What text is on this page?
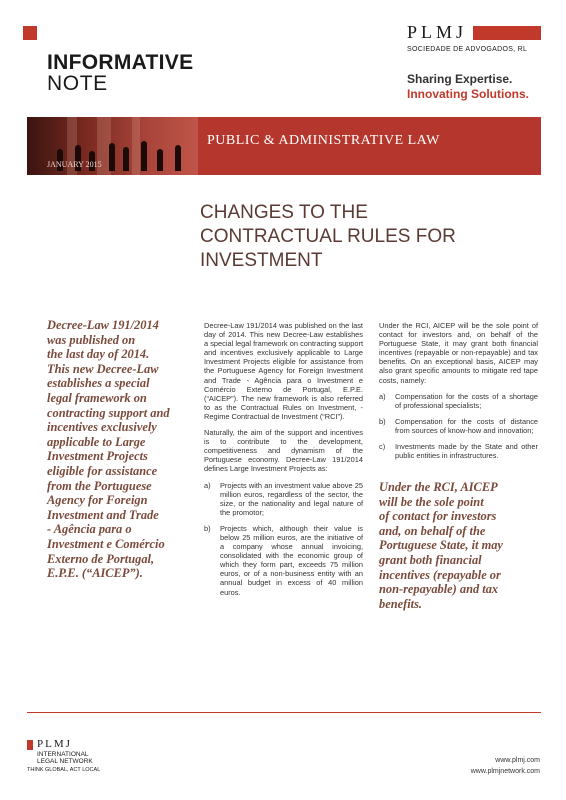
INFORMATIVE
NOTE
PLMJ
SOCIEDADE DE ADVOGADOS, RL
Sharing Expertise.
Innovating Solutions.
JANUARY 2015
PUBLIC & ADMINISTRATIVE LAW
CHANGES TO THE
CONTRACTUAL RULES FOR
INVESTMENT
Decree-Law 191/2014
was published on
the last day of 2014.
This new Decree-Law
establishes a special
legal framework on
contracting support and
incentives exclusively
applicable to Large
Investment Projects
eligible for assistance
from the Portuguese
Agency for Foreign
Investment and Trade
- Agência para o
Investment e Comércio
Externo de Portugal,
E.P.E. (“AICEP”).

Decree-Law 191/2014 was published on the last day of 2014. This new Decree-Law establishes a special legal framework on contracting support and incentives exclusively applicable to Large Investment Projects eligible for assistance from the Portuguese Agency for Foreign Investment and Trade - Agência para o Investment e Comércio Externo de Portugal, E.P.E. (“AICEP”). The new framework is also referred to as the Contractual Rules on Investment, - Regime Contractual de Investment (“RCI”).

Naturally, the aim of the support and incentives is to contribute to the development, competitiveness and dynamism of the Portuguese economy. Decree-Law 191/2014 defines Large Investment Projects as:

a)	Projects with an investment value above 25 million euros, regardless of the sector, the size, or the nationality and legal nature of the promotor;
b)	Projects which, although their value is below 25 million euros, are the initiative of a company whose annual invoicing, consolidated with the economic group of which they form part, exceeds 75 million euros, or of a non-business entity with an annual budget in excess of 40 million euros.

Under the RCI, AICEP will be the sole point of contact for investors and, on behalf of the Portuguese State, it may grant both financial incentives (repayable or non-repayable) and tax benefits. On an exceptional basis, AICEP may also grant specific amounts to mitigate red tape costs, namely:

a)	Compensation for the costs of a shortage of professional specialists;
b)	Compensation for the costs of distance from sources of know-how and innovation;
c)	Investments made by the State and other public entities in infrastructures.
Under the RCI, AICEP
will be the sole point
of contact for investors
and, on behalf of the
Portuguese State, it may
grant both financial
incentives (repayable or
non-repayable) and tax
benefits.
PLMJ
INTERNATIONAL
LEGAL NETWORK
THINK GLOBAL, ACT LOCAL
www.plmj.com
www.plmjnetwork.com
